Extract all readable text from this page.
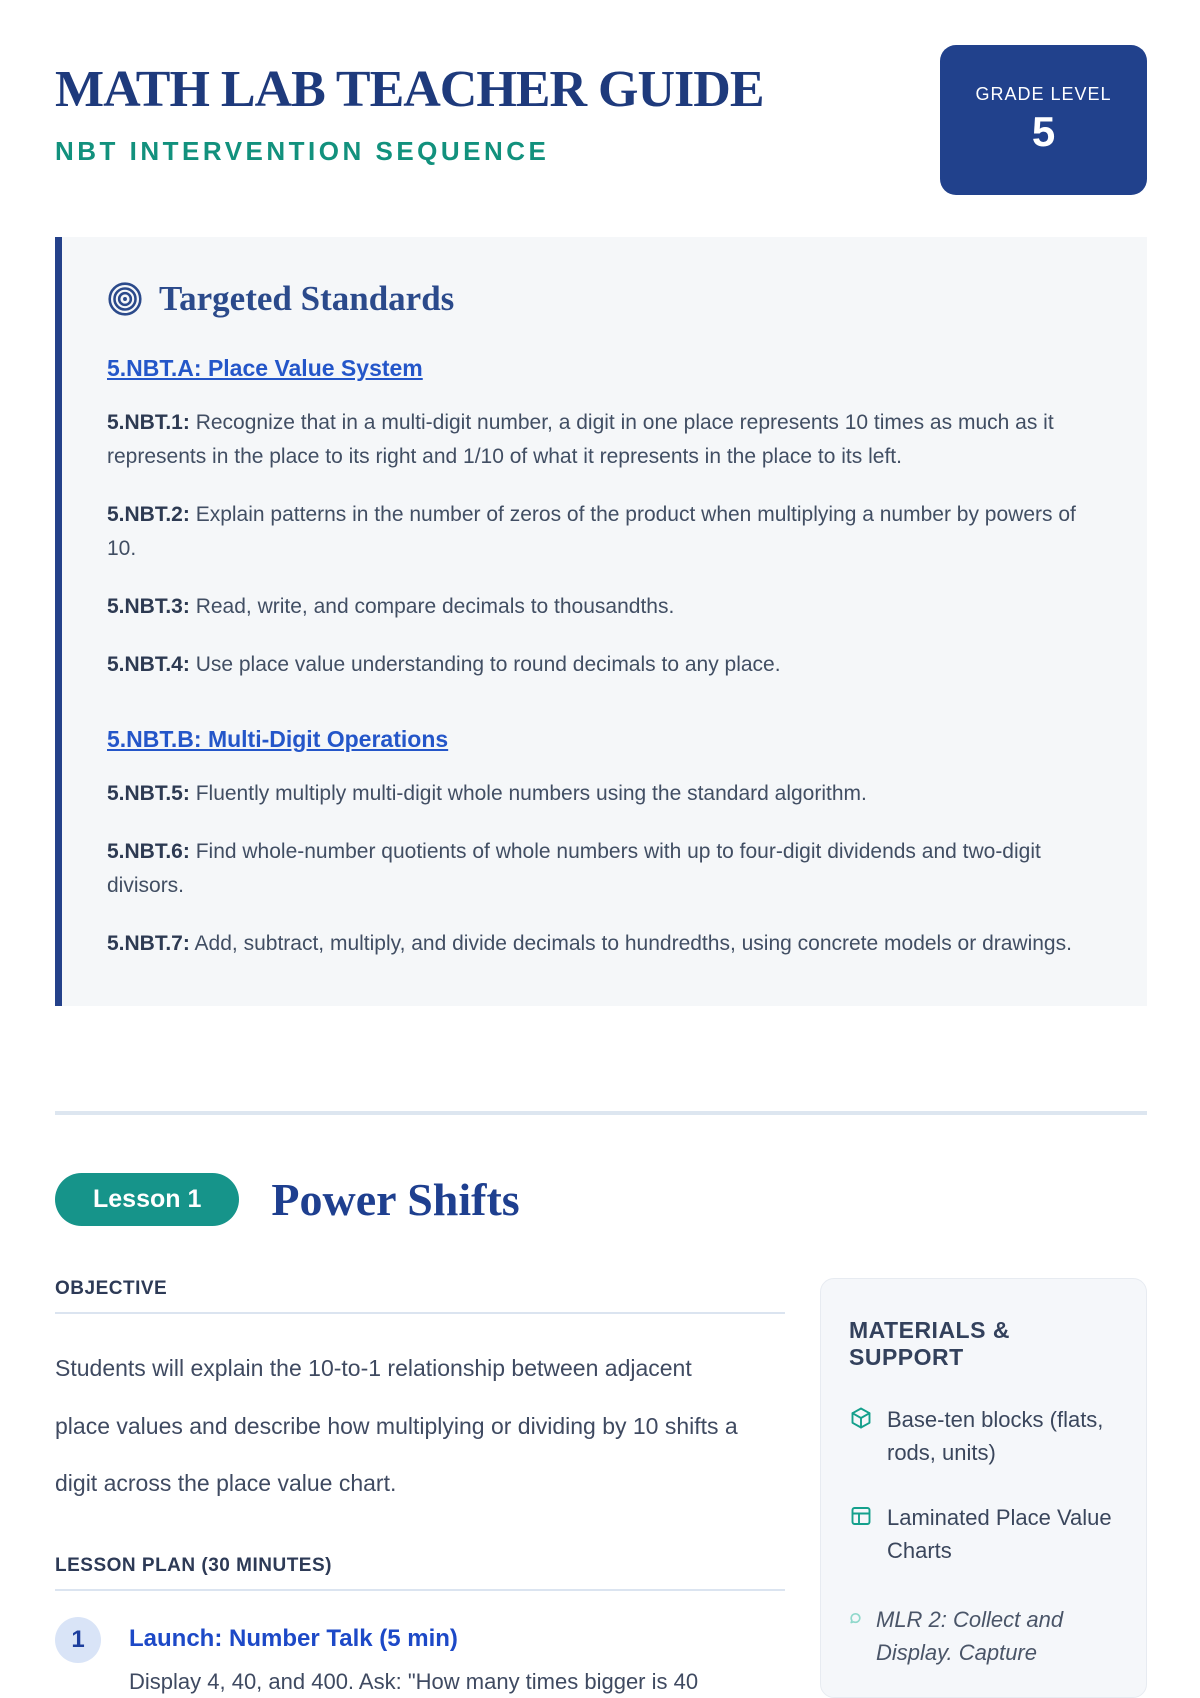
MATH LAB TEACHER GUIDE
NBT INTERVENTION SEQUENCE
GRADE LEVEL
5
Targeted Standards
5.NBT.A: Place Value System

5.NBT.1: Recognize that in a multi-digit number, a digit in one place represents 10 times as much as it represents in the place to its right and 1/10 of what it represents in the place to its left.

5.NBT.2: Explain patterns in the number of zeros of the product when multiplying a number by powers of 10.

5.NBT.3: Read, write, and compare decimals to thousandths.

5.NBT.4: Use place value understanding to round decimals to any place.

5.NBT.B: Multi-Digit Operations

5.NBT.5: Fluently multiply multi-digit whole numbers using the standard algorithm.

5.NBT.6: Find whole-number quotients of whole numbers with up to four-digit dividends and two-digit divisors.

5.NBT.7: Add, subtract, multiply, and divide decimals to hundredths, using concrete models or drawings.

Lesson 1	Power Shifts
OBJECTIVE

Students will explain the 10-to-1 relationship between adjacent place values and describe how multiplying or dividing by 10 shifts a digit across the place value chart.

LESSON PLAN (30 MINUTES)
1	Launch: Number Talk (5 min)
Display 4, 40, and 400. Ask: "How many times bigger is 40
MATERIALS & SUPPORT
Base-ten blocks (flats, rods, units)
Laminated Place Value Charts
MLR 2: Collect and Display. Capture
